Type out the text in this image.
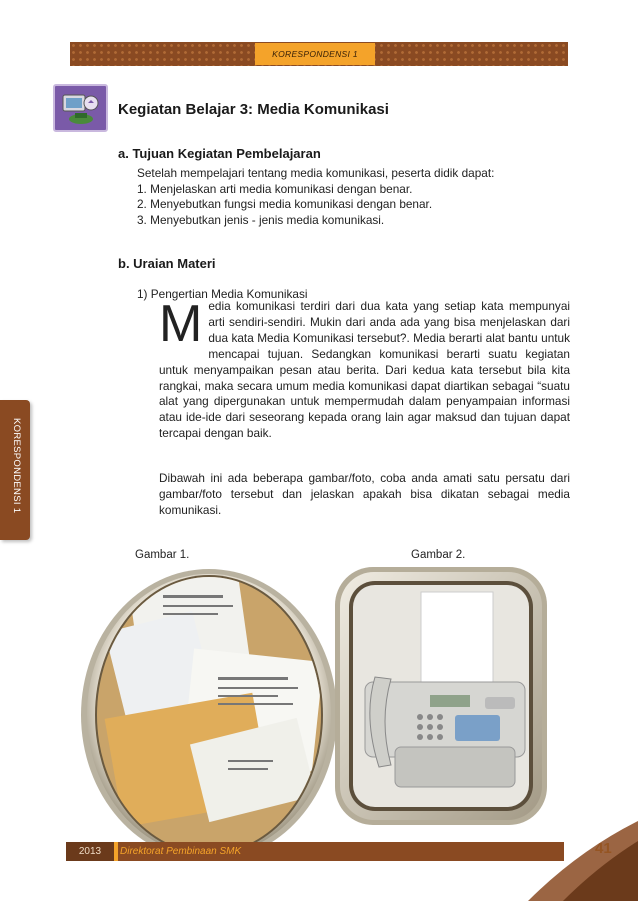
KORESPONDENSI 1
Kegiatan Belajar 3: Media Komunikasi
a. Tujuan Kegiatan Pembelajaran
Setelah mempelajari tentang media komunikasi, peserta didik dapat:
1. Menjelaskan arti media komunikasi dengan benar.
2. Menyebutkan fungsi media komunikasi dengan benar.
3. Menyebutkan jenis - jenis media komunikasi.
b. Uraian Materi
1) Pengertian Media Komunikasi
M edia komunikasi terdiri dari dua kata yang setiap kata mempunyai arti sendiri-sendiri. Mukin dari anda ada yang bisa menjelaskan dari dua kata Media Komunikasi tersebut?. Media berarti alat bantu untuk mencapai tujuan. Sedangkan komunikasi berarti suatu kegiatan untuk menyampaikan pesan atau berita. Dari kedua kata tersebut bila kita rangkai, maka secara umum media komunikasi dapat diartikan sebagai “suatu alat yang dipergunakan untuk mempermudah dalam penyampaian informasi atau ide-ide dari seseorang kepada orang lain agar maksud dan tujuan dapat tercapai dengan baik.
Dibawah ini ada beberapa gambar/foto, coba anda amati satu persatu dari gambar/foto tersebut dan jelaskan apakah bisa dikatan sebagai media komunikasi.
Gambar 1.	Gambar 2.
KORESPONDENSI 1
2013	Direktorat Pembinaan SMK
